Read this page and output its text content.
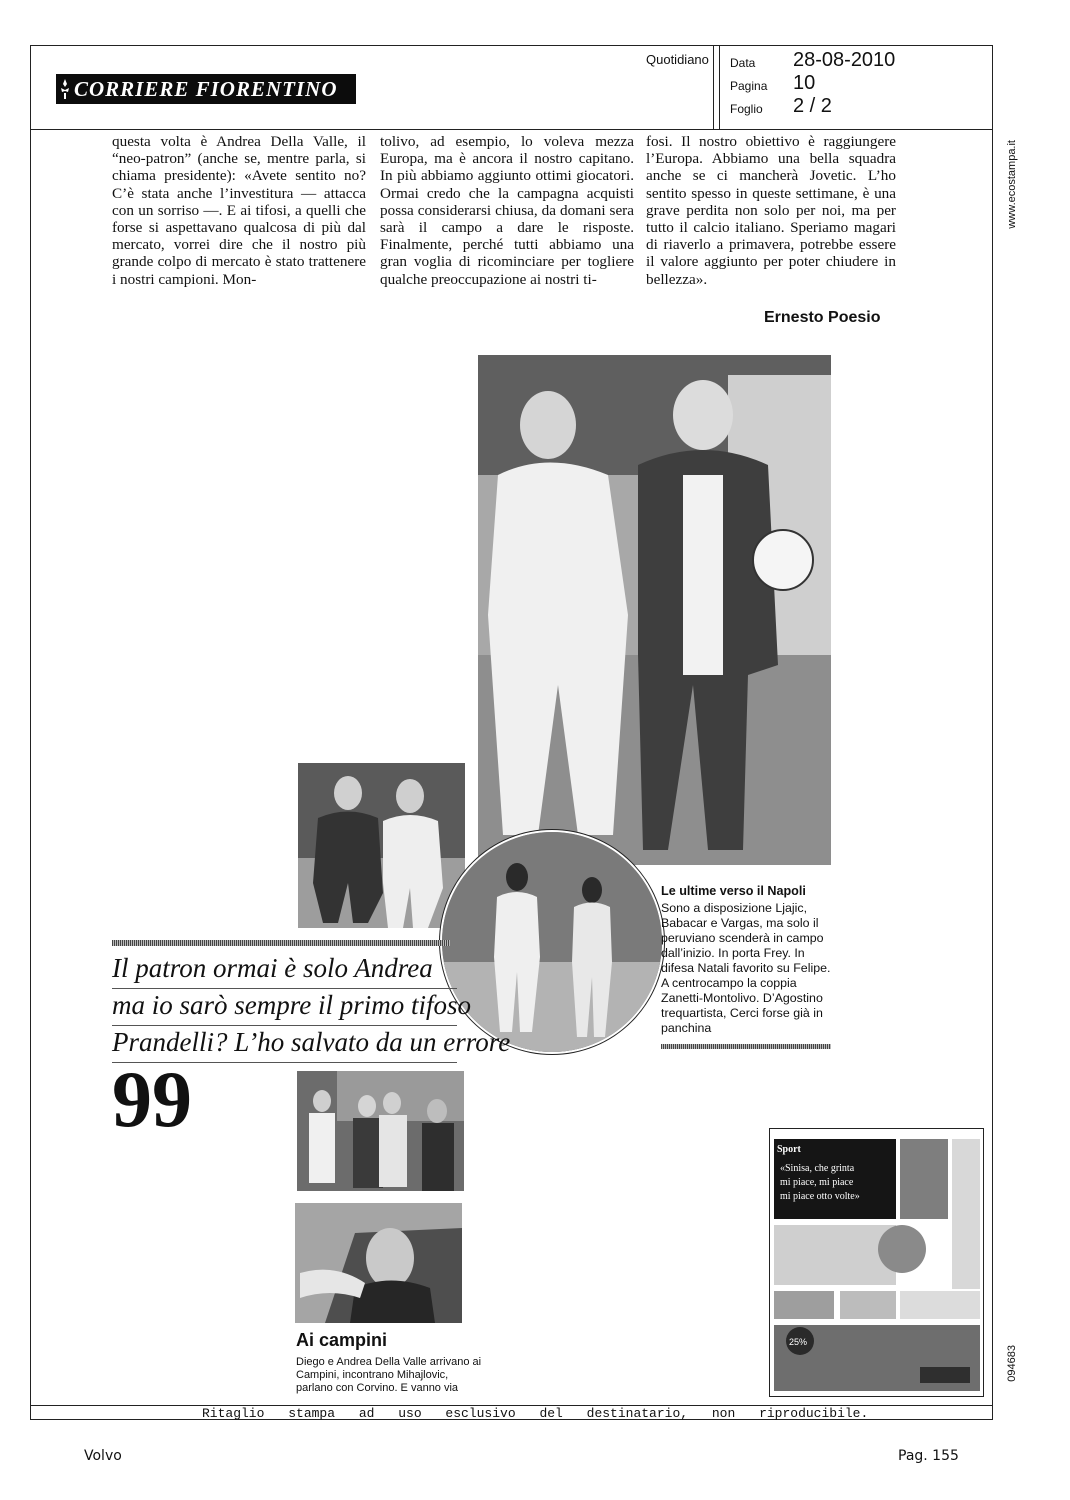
CORRIERE FIORENTINO
Quotidiano Data 28-08-2010
Pagina 10
Foglio 2 / 2

questa volta è Andrea Della Valle, il “neo-patron” (anche se, mentre parla, si chiama presidente): «Avete sentito no? C’è stata anche l’investitura — attacca con un sorriso —. E ai tifosi, a quelli che forse si aspettavano qualcosa di più dal mercato, vorrei dire che il nostro più grande colpo di mercato è stato trattenere i nostri campioni. Mon-

tolivo, ad esempio, lo voleva mezza Europa, ma è ancora il nostro capitano. In più abbiamo aggiunto ottimi giocatori. Ormai credo che la campagna acquisti possa considerarsi chiusa, da domani sera sarà il campo a dare le risposte. Finalmente, perché tutti abbiamo una gran voglia di ricominciare per togliere qualche preoccupazione ai nostri ti-

fosi. Il nostro obiettivo è raggiungere l’Europa. Abbiamo una bella squadra anche se ci mancherà Jovetic. L’ho sentito spesso in queste settimane, è una grave perdita non solo per noi, ma per tutto il calcio italiano. Speriamo magari di riaverlo a primavera, potrebbe essere il valore aggiunto per poter chiudere in bellezza».

Ernesto Poesio
www.ecostampa.it
094683
Il patron ormai è solo Andrea
ma io sarò sempre il primo tifoso
Prandelli? L’ho salvato da un errore
99
Le ultime verso il Napoli

Sono a disposizione Ljajic, Babacar e Vargas, ma solo il peruviano scenderà in campo dall’inizio. In porta Frey. In difesa Natali favorito su Felipe. A centrocampo la coppia Zanetti-Montolivo. D’Agostino trequartista, Cerci forse già in panchina

Ai campini
Diego e Andrea Della Valle arrivano ai Campini, incontrano Mihajlovic, parlano con Corvino. E vanno via
Sport
«Sinisa, che grinta
mi piace, mi piace
mi piace otto volte»
25%
Ritaglio stampa ad uso esclusivo del destinatario, non riproducibile.
Volvo	Pag. 155
